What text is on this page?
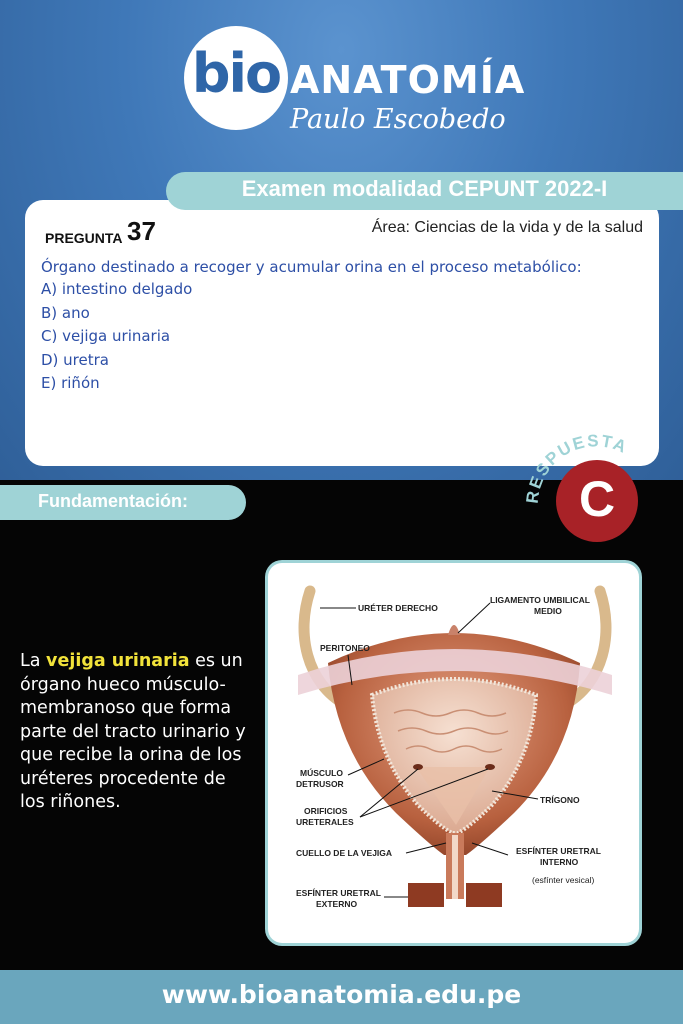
bio ANATOMÍA
Paulo Escobedo
PREGUNTA 37	Área: Ciencias de la vida y de la salud
Órgano destinado a recoger y acumular orina en el proceso metabólico:
A) intestino delgado
B) ano
C) vejiga urinaria
D) uretra
E) riñón
Examen modalidad CEPUNT 2022-I
RESPUESTA
C
Fundamentación:
La vejiga urinaria es un órgano hueco músculo-membranoso que forma parte del tracto urinario y que recibe la orina de los uréteres procedente de los riñones.
URÉTER DERECHO
LIGAMENTO UMBILICAL
MEDIO
PERITONEO
MÚSCULO
DETRUSOR
TRÍGONO
ORIFICIOS
URETERALES
CUELLO DE LA VEJIGA	ESFÍNTER URETRAL
INTERNO
(esfínter vesical)
ESFÍNTER URETRAL
EXTERNO
www.bioanatomia.edu.pe
